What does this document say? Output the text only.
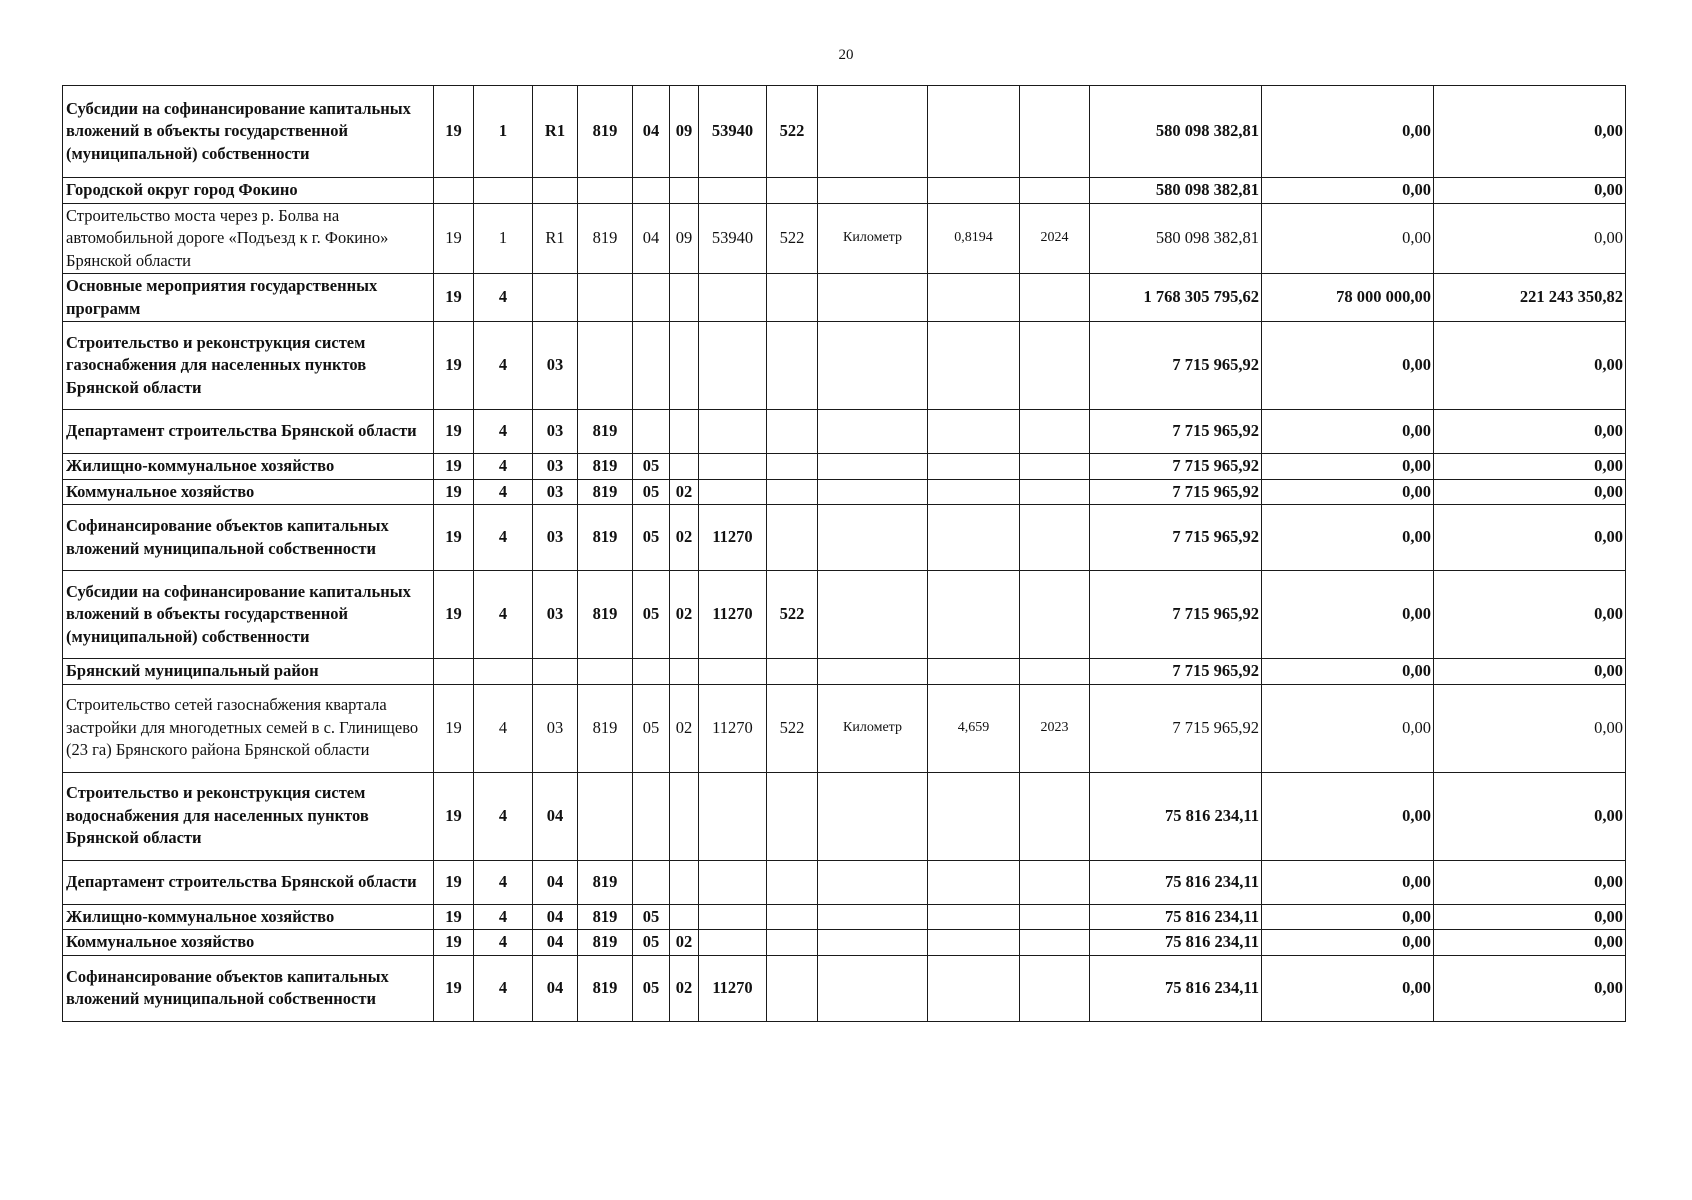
20
Субсидии на софинансирование капитальных вложений в объекты государственной (муниципальной) собственности	19	1	R1	819	04	09	53940	522				580 098 382,81	0,00	0,00
Городской округ город Фокино												580 098 382,81	0,00	0,00
Строительство моста через р. Болва на автомобильной дороге «Подъезд к г. Фокино» Брянской области	19	1	R1	819	04	09	53940	522	Километр	0,8194	2024	580 098 382,81	0,00	0,00
Основные мероприятия государственных программ	19	4										1 768 305 795,62	78 000 000,00	221 243 350,82
Строительство и реконструкция систем газоснабжения для населенных пунктов Брянской области	19	4	03									7 715 965,92	0,00	0,00
Департамент строительства Брянской области	19	4	03	819								7 715 965,92	0,00	0,00
Жилищно-коммунальное хозяйство	19	4	03	819	05							7 715 965,92	0,00	0,00
Коммунальное хозяйство	19	4	03	819	05	02						7 715 965,92	0,00	0,00
Софинансирование объектов капитальных вложений муниципальной собственности	19	4	03	819	05	02	11270					7 715 965,92	0,00	0,00
Субсидии на софинансирование капитальных вложений в объекты государственной (муниципальной) собственности	19	4	03	819	05	02	11270	522				7 715 965,92	0,00	0,00
Брянский муниципальный район												7 715 965,92	0,00	0,00
Строительство сетей газоснабжения квартала застройки для многодетных семей в с. Глинищево (23 га) Брянского района Брянской области	19	4	03	819	05	02	11270	522	Километр	4,659	2023	7 715 965,92	0,00	0,00
Строительство и реконструкция систем водоснабжения для населенных пунктов Брянской области	19	4	04									75 816 234,11	0,00	0,00
Департамент строительства Брянской области	19	4	04	819								75 816 234,11	0,00	0,00
Жилищно-коммунальное хозяйство	19	4	04	819	05							75 816 234,11	0,00	0,00
Коммунальное хозяйство	19	4	04	819	05	02						75 816 234,11	0,00	0,00
Софинансирование объектов капитальных вложений муниципальной собственности	19	4	04	819	05	02	11270					75 816 234,11	0,00	0,00
